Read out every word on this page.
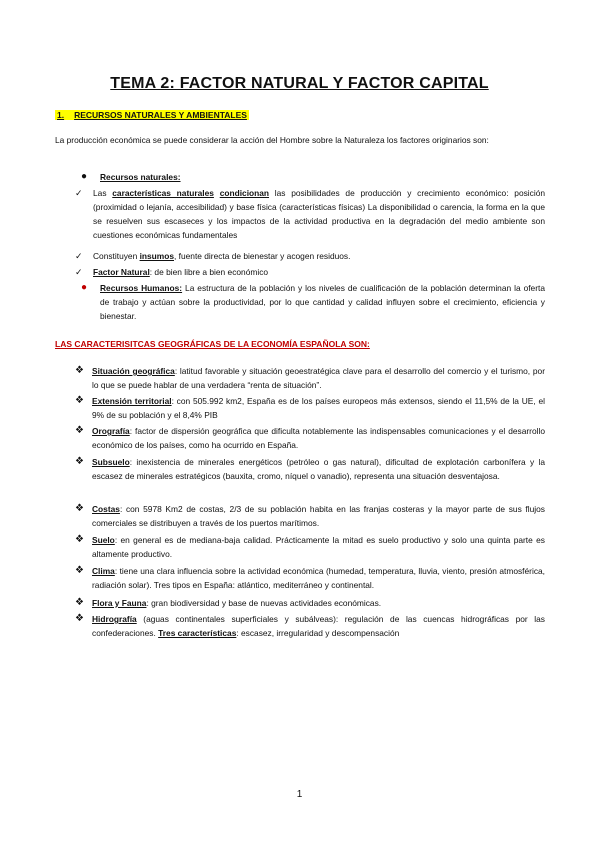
TEMA 2: FACTOR NATURAL Y FACTOR CAPITAL
1. RECURSOS NATURALES Y AMBIENTALES
La producción económica se puede considerar la acción del Hombre sobre la Naturaleza los factores originarios son:
● Recursos naturales:
✓ Las características naturales condicionan las posibilidades de producción y crecimiento económico: posición (proximidad o lejanía, accesibilidad) y base física (características físicas) La disponibilidad o carencia, la forma en la que se resuelven sus escaseces y los impactos de la actividad productiva en la degradación del medio ambiente son cuestiones económicas fundamentales
✓ Constituyen insumos, fuente directa de bienestar y acogen residuos.
✓ Factor Natural: de bien libre a bien económico
● Recursos Humanos: La estructura de la población y los niveles de cualificación de la población determinan la oferta de trabajo y actúan sobre la productividad, por lo que cantidad y calidad influyen sobre el crecimiento, eficiencia y bienestar.
LAS CARACTERISITCAS GEOGRÁFICAS DE LA ECONOMÍA ESPAÑOLA SON:
❖ Situación geográfica: latitud favorable y situación geoestratégica clave para el desarrollo del comercio y el turismo, por lo que se puede hablar de una verdadera “renta de situación”.
❖ Extensión territorial: con 505.992 km2, España es de los países europeos más extensos, siendo el 11,5% de la UE, el 9% de su población y el 8,4% PIB
❖ Orografía: factor de dispersión geográfica que dificulta notablemente las indispensables comunicaciones y el desarrollo económico de los países, como ha ocurrido en España.
❖ Subsuelo: inexistencia de minerales energéticos (petróleo o gas natural), dificultad de explotación carbonífera y la escasez de minerales estratégicos (bauxita, cromo, níquel o vanadio), representa una situación desventajosa.
❖ Costas: con 5978 Km2 de costas, 2/3 de su población habita en las franjas costeras y la mayor parte de sus flujos comerciales se distribuyen a través de los puertos marítimos.
❖ Suelo: en general es de mediana-baja calidad. Prácticamente la mitad es suelo productivo y solo una quinta parte es altamente productivo.
❖ Clima: tiene una clara influencia sobre la actividad económica (humedad, temperatura, lluvia, viento, presión atmosférica, radiación solar). Tres tipos en España: atlántico, mediterráneo y continental.
❖ Flora y Fauna: gran biodiversidad y base de nuevas actividades económicas.
❖ Hidrografía (aguas continentales superficiales y subálveas): regulación de las cuencas hidrográficas por las confederaciones. Tres características: escasez, irregularidad y descompensación
1
